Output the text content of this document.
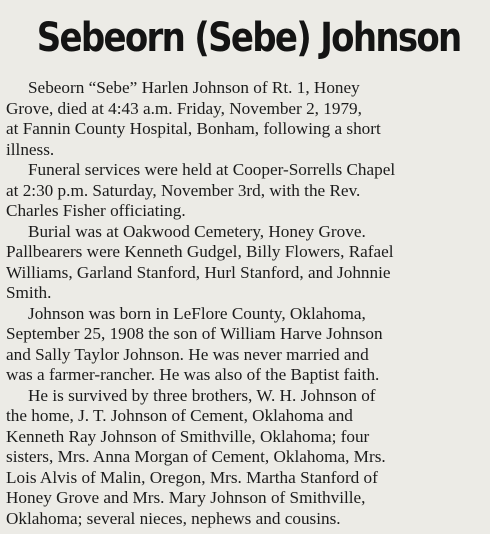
Sebeorn (Sebe) Johnson
Sebeorn “Sebe” Harlen Johnson of Rt. 1, Honey
Grove, died at 4:43 a.m. Friday, November 2, 1979,
at Fannin County Hospital, Bonham, following a short
illness.
Funeral services were held at Cooper-Sorrells Chapel
at 2:30 p.m. Saturday, November 3rd, with the Rev.
Charles Fisher officiating.
Burial was at Oakwood Cemetery, Honey Grove.
Pallbearers were Kenneth Gudgel, Billy Flowers, Rafael
Williams, Garland Stanford, Hurl Stanford, and Johnnie
Smith.
Johnson was born in LeFlore County, Oklahoma,
September 25, 1908 the son of William Harve Johnson
and Sally Taylor Johnson. He was never married and
was a farmer-rancher. He was also of the Baptist faith.
He is survived by three brothers, W. H. Johnson of
the home, J. T. Johnson of Cement, Oklahoma and
Kenneth Ray Johnson of Smithville, Oklahoma; four
sisters, Mrs. Anna Morgan of Cement, Oklahoma, Mrs.
Lois Alvis of Malin, Oregon, Mrs. Martha Stanford of
Honey Grove and Mrs. Mary Johnson of Smithville,
Oklahoma; several nieces, nephews and cousins.
